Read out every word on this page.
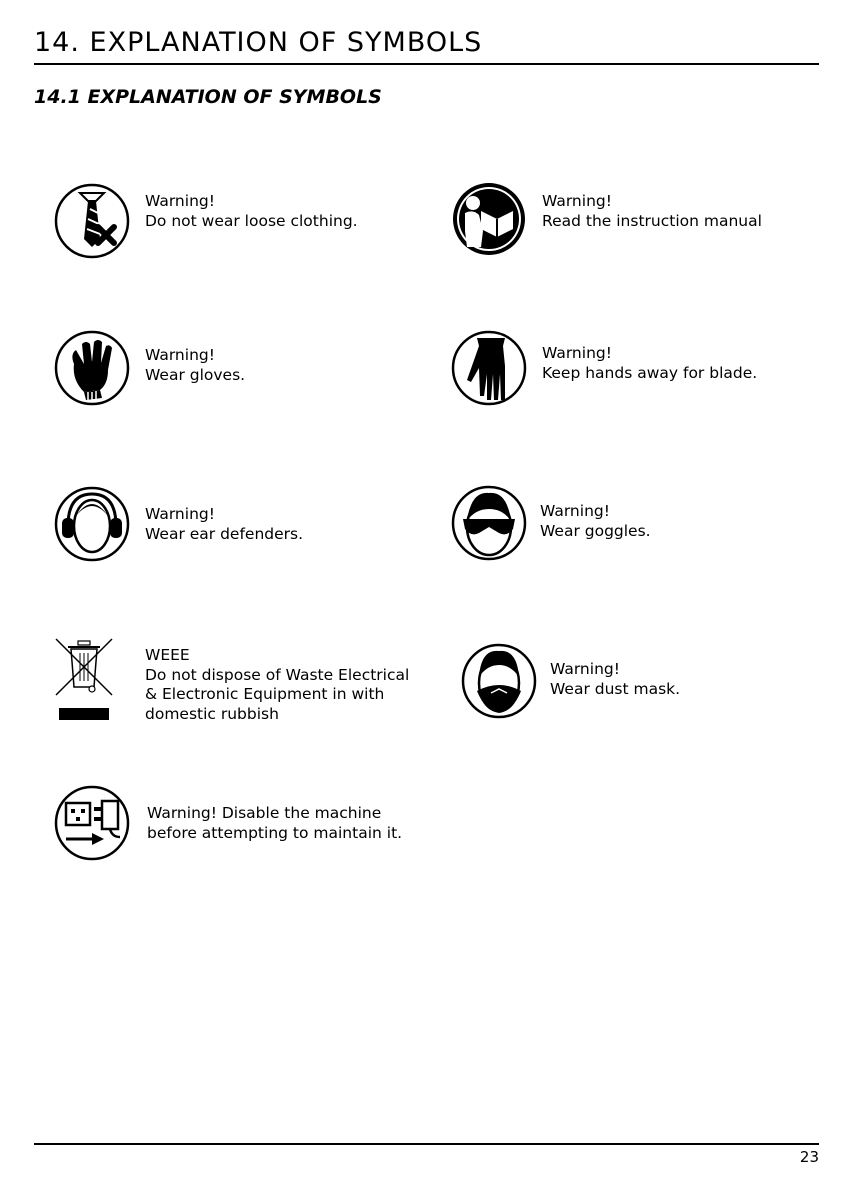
14. EXPLANATION OF SYMBOLS
14.1 EXPLANATION OF SYMBOLS
Warning!
Do not wear loose clothing.
Warning!
Read the instruction manual
Warning!
Wear gloves.
Warning!
Keep hands away for blade.
Warning!
Wear ear defenders.
Warning!
Wear goggles.
WEEE
Do not dispose of Waste Electrical
& Electronic Equipment in with
domestic rubbish
Warning!
Wear dust mask.
Warning! Disable the machine
before attempting to maintain it.
23
